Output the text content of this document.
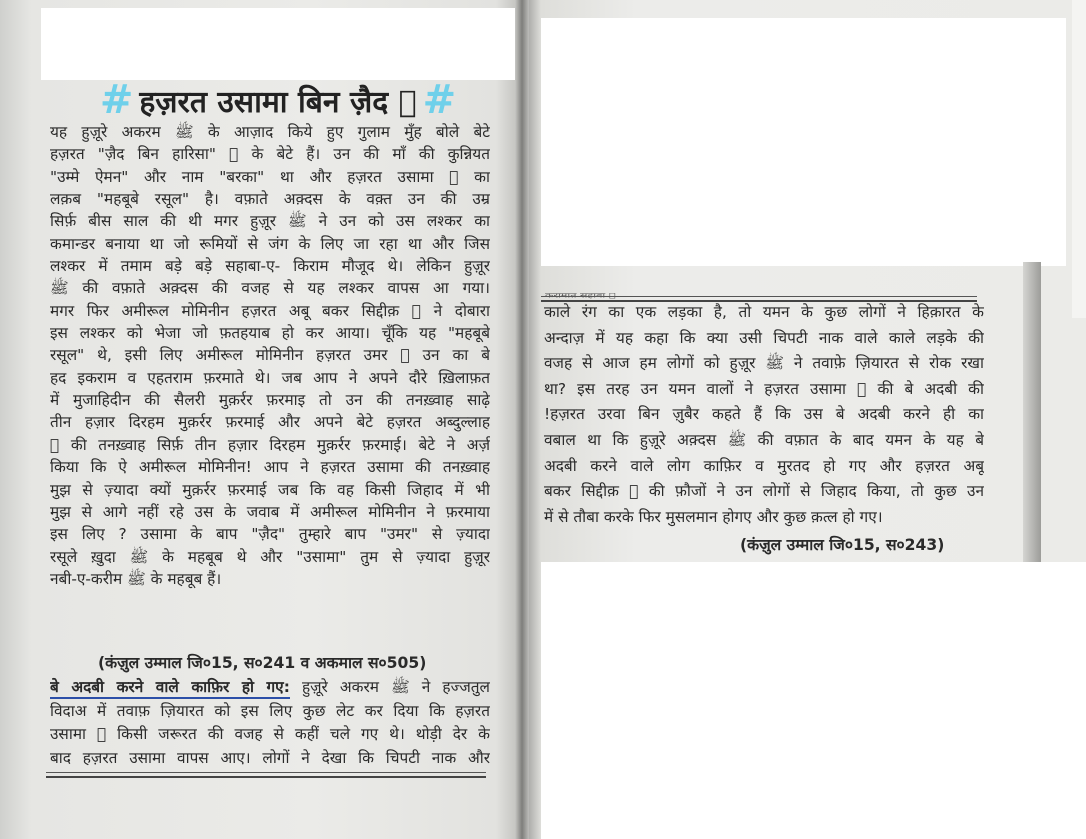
# हज़रत उसामा बिन ज़ैद ﷜ #
यह हुज़ूरे अकरम ﷺ के आज़ाद किये हुए गुलाम मुँह बोले बेटे
हज़रत "ज़ैद बिन हारिसा" ﷜ के बेटे हैं। उन की माँ की कुन्नियत
"उम्मे ऐमन" और नाम "बरका" था और हज़रत उसामा ﷜ का
लक़ब "महबूबे रसूल" है। वफ़ाते अक़्दस के वक़्त उन की उम्र
सिर्फ़ बीस साल की थी मगर हुज़ूर ﷺ ने उन को उस लश्कर का
कमान्डर बनाया था जो रूमियों से जंग के लिए जा रहा था और जिस
लश्कर में तमाम बड़े बड़े सहाबा-ए- किराम मौजूद थे। लेकिन हुज़ूर
ﷺ की वफ़ाते अक़्दस की वजह से यह लश्कर वापस आ गया।
मगर फिर अमीरूल मोमिनीन हज़रत अबू बकर सिद्दीक़ ﷜ ने दोबारा
इस लश्कर को भेजा जो फ़तहयाब हो कर आया। चूँकि यह "महबूबे
रसूल" थे, इसी लिए अमीरूल मोमिनीन हज़रत उमर ﷜ उन का बे
हद इकराम व एहतराम फ़रमाते थे। जब आप ने अपने दौरे ख़िलाफ़त
में मुजाहिदीन की सैलरी मुक़र्रर फ़रमाइ तो उन की तनख़्वाह साढ़े
तीन हज़ार दिरहम मुक़र्रर फ़रमाई और अपने बेटे हज़रत अब्दुल्लाह
﷜ की तनख़्वाह सिर्फ़ तीन हज़ार दिरहम मुक़र्रर फ़रमाई। बेटे ने अर्ज़
किया कि ऐ अमीरूल मोमिनीन! आप ने हज़रत उसामा की तनख़्वाह
मुझ से ज़्यादा क्यों मुक़र्रर फ़रमाई जब कि वह किसी जिहाद में भी
मुझ से आगे नहीं रहे उस के जवाब में अमीरूल मोमिनीन ने फ़रमाया
इस लिए ? उसामा के बाप "ज़ैद" तुम्हारे बाप "उमर" से ज़्यादा
रसूले ख़ुदा ﷺ के महबूब थे और "उसामा" तुम से ज़्यादा हुज़ूर
नबी-ए-करीम ﷺ के महबूब हैं।
(कंज़ुल उम्माल जि०15, स०241 व अकमाल स०505)
बे अदबी करने वाले काफ़िर हो गए: हुज़ूरे अकरम ﷺ ने हज्जतुल
विदाअ में तवाफ़ ज़ियारत को इस लिए कुछ लेट कर दिया कि हज़रत
उसामा ﷜ किसी जरूरत की वजह से कहीं चले गए थे। थोड़ी देर के
बाद हज़रत उसामा वापस आए। लोगों ने देखा कि चिपटी नाक और
काले रंग का एक लड़का है, तो यमन के कुछ लोगों ने हिक़ारत के
अन्दाज़ में यह कहा कि क्या उसी चिपटी नाक वाले काले लड़के की
वजह से आज हम लोगों को हुज़ूर ﷺ ने तवाफ़े ज़ियारत से रोक रखा
था? इस तरह उन यमन वालों ने हज़रत उसामा ﷜ की बे अदबी की
!हज़रत उरवा बिन ज़ुबैर कहते हैं कि उस बे अदबी करने ही का
वबाल था कि हुज़ूरे अक़्दस ﷺ की वफ़ात के बाद यमन के यह बे
अदबी करने वाले लोग काफ़िर व मुरतद हो गए और हज़रत अबू
बकर सिद्दीक़ ﷜ की फ़ौजों ने उन लोगों से जिहाद किया, तो कुछ उन
में से तौबा करके फिर मुसलमान होगए और कुछ क़त्ल हो गए।
(कंज़ुल उम्माल जि०15, स०243)
